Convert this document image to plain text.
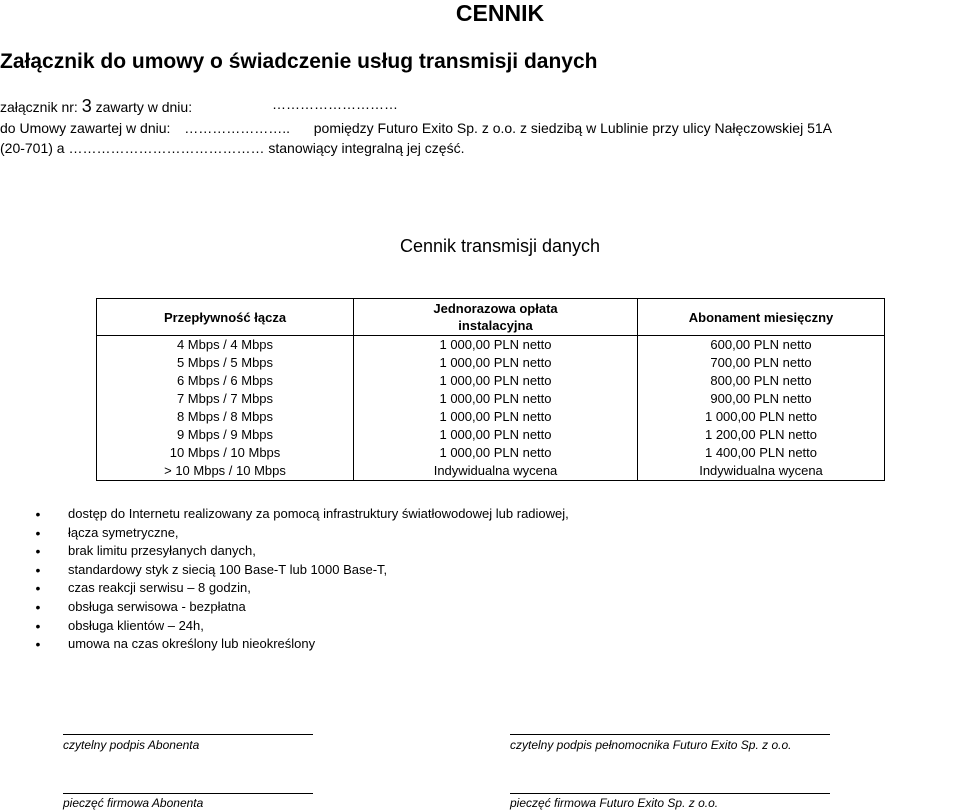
CENNIK
Załącznik do umowy o świadczenie usług transmisji danych
załącznik nr: 3 zawarty w dniu:	………………………
do Umowy zawartej w dniu: ………………….. pomiędzy Futuro Exito Sp. z o.o. z siedzibą w Lublinie przy ulicy Nałęczowskiej 51A
(20-701) a …………………………………… stanowiący integralną jej część.
Cennik transmisji danych
Przepływność łącza	Jednorazowa opłata instalacyjna	Abonament miesięczny
4 Mbps / 4 Mbps	1 000,00 PLN netto	600,00 PLN netto
5 Mbps / 5 Mbps	1 000,00 PLN netto	700,00 PLN netto
6 Mbps / 6 Mbps	1 000,00 PLN netto	800,00 PLN netto
7 Mbps / 7 Mbps	1 000,00 PLN netto	900,00 PLN netto
8 Mbps / 8 Mbps	1 000,00 PLN netto	1 000,00 PLN netto
9 Mbps / 9 Mbps	1 000,00 PLN netto	1 200,00 PLN netto
10 Mbps / 10 Mbps	1 000,00 PLN netto	1 400,00 PLN netto
> 10 Mbps / 10 Mbps	Indywidualna wycena	Indywidualna wycena
•	dostęp do Internetu realizowany za pomocą infrastruktury światłowodowej lub radiowej,
•	łącza symetryczne,
•	brak limitu przesyłanych danych,
•	standardowy styk z siecią 100 Base-T lub 1000 Base-T,
•	czas reakcji serwisu – 8 godzin,
•	obsługa serwisowa - bezpłatna
•	obsługa klientów – 24h,
•	umowa na czas określony lub nieokreślony
czytelny podpis Abonenta	czytelny podpis pełnomocnika Futuro Exito Sp. z o.o.
pieczęć firmowa Abonenta	pieczęć firmowa Futuro Exito Sp. z o.o.
